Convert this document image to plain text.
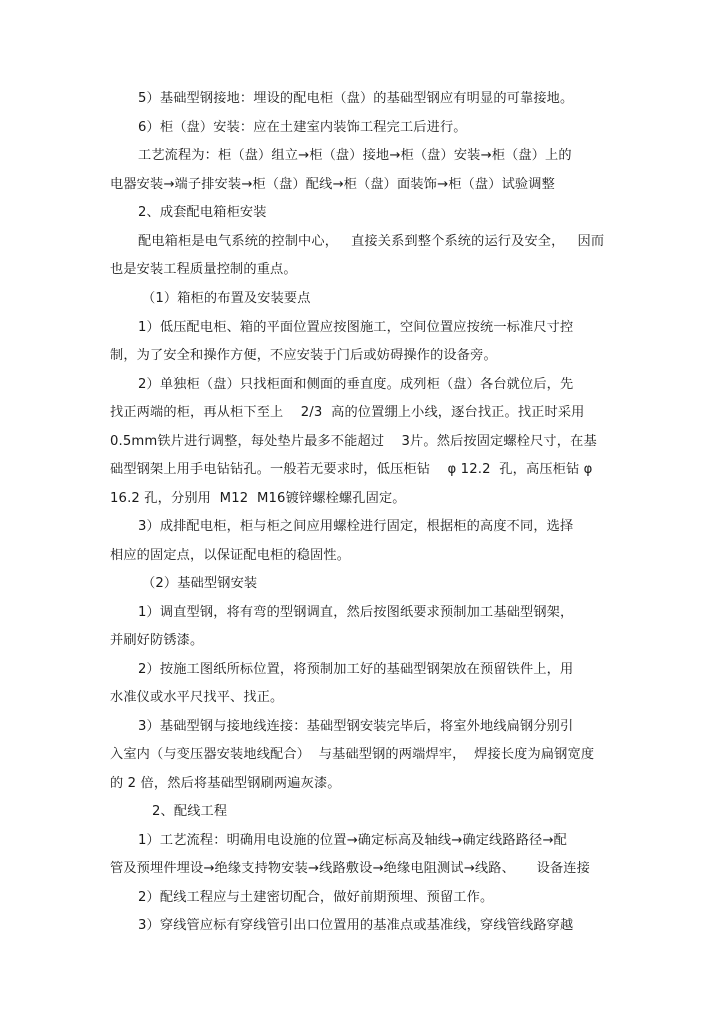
5）基础型钢接地：埋设的配电柜（盘）的基础型钢应有明显的可靠接地。
6）柜（盘）安装：应在土建室内装饰工程完工后进行。
工艺流程为：柜（盘）组立→柜（盘）接地→柜（盘）安装→柜（盘）上的
电器安装→端子排安装→柜（盘）配线→柜（盘）面装饰→柜（盘）试验调整
2、成套配电箱柜安装
配电箱柜是电气系统的控制中心，   直接关系到整个系统的运行及安全，   因而
也是安装工程质量控制的重点。
（1）箱柜的布置及安装要点
1）低压配电柜、箱的平面位置应按图施工，空间位置应按统一标准尺寸控
制，为了安全和操作方便，不应安装于门后或妨碍操作的设备旁。
2）单独柜（盘）只找柜面和侧面的垂直度。成列柜（盘）各台就位后，先
找正两端的柜，再从柜下至上    2/3  高的位置绷上小线，逐台找正。找正时采用
0.5mm铁片进行调整，每处垫片最多不能超过    3片。然后按固定螺栓尺寸，在基
础型钢架上用手电钻钻孔。一般若无要求时，低压柜钻    φ 12.2  孔，高压柜钻 φ
16.2 孔，分别用  M12  M16镀锌螺栓螺孔固定。
3）成排配电柜，柜与柜之间应用螺栓进行固定，根据柜的高度不同，选择
相应的固定点，以保证配电柜的稳固性。
（2）基础型钢安装
1）调直型钢，将有弯的型钢调直，然后按图纸要求预制加工基础型钢架，
并刷好防锈漆。
2）按施工图纸所标位置，将预制加工好的基础型钢架放在预留铁件上，用
水准仪或水平尺找平、找正。
3）基础型钢与接地线连接：基础型钢安装完毕后，将室外地线扁钢分别引
入室内（与变压器安装地线配合）  与基础型钢的两端焊牢，  焊接长度为扁钢宽度
的 2 倍，然后将基础型钢刷两遍灰漆。
2、配线工程
1）工艺流程：明确用电设施的位置→确定标高及轴线→确定线路路径→配
管及预埋件埋设→绝缘支持物安装→线路敷设→绝缘电阻测试→线路、     设备连接
2）配线工程应与土建密切配合，做好前期预埋、预留工作。
3）穿线管应标有穿线管引出口位置用的基准点或基准线，穿线管线路穿越
